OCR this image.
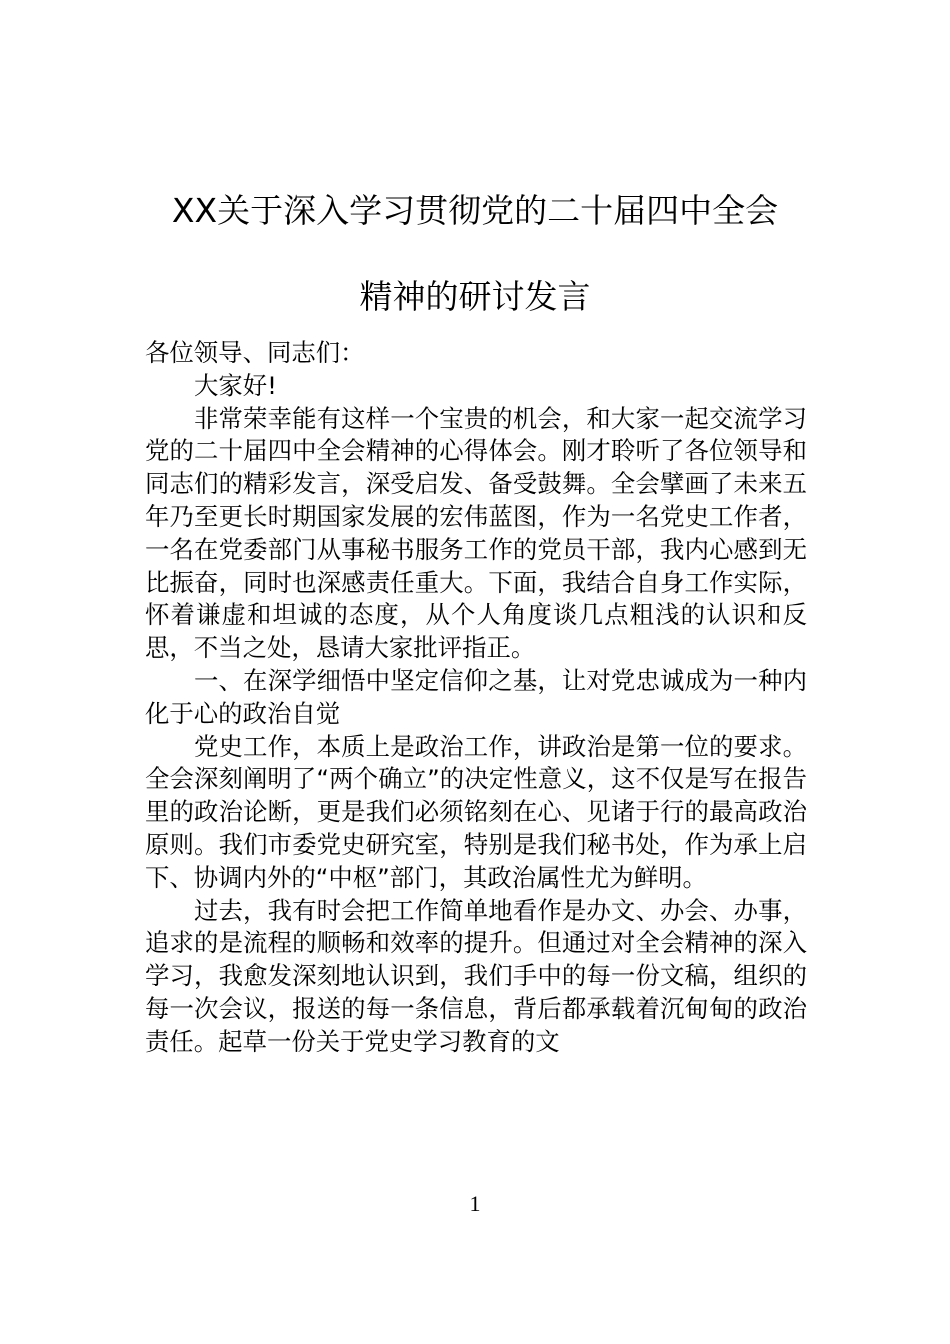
XX关于深入学习贯彻党的二十届四中全会
精神的研讨发言

各位领导、同志们：

大家好!

非常荣幸能有这样一个宝贵的机会，和大家一起交流学习党的二十届四中全会精神的心得体会。刚才聆听了各位领导和同志们的精彩发言，深受启发、备受鼓舞。全会擘画了未来五年乃至更长时期国家发展的宏伟蓝图，作为一名党史工作者，一名在党委部门从事秘书服务工作的党员干部，我内心感到无比振奋，同时也深感责任重大。下面，我结合自身工作实际，怀着谦虚和坦诚的态度，从个人角度谈几点粗浅的认识和反思，不当之处，恳请大家批评指正。

一、在深学细悟中坚定信仰之基，让对党忠诚成为一种内化于心的政治自觉

党史工作，本质上是政治工作，讲政治是第一位的要求。全会深刻阐明了“两个确立”的决定性意义，这不仅是写在报告里的政治论断，更是我们必须铭刻在心、见诸于行的最高政治原则。我们市委党史研究室，特别是我们秘书处，作为承上启下、协调内外的“中枢”部门，其政治属性尤为鲜明。

过去，我有时会把工作简单地看作是办文、办会、办事，追求的是流程的顺畅和效率的提升。但通过对全会精神的深入学习，我愈发深刻地认识到，我们手中的每一份文稿，组织的每一次会议，报送的每一条信息，背后都承载着沉甸甸的政治责任。起草一份关于党史学习教育的文

1
